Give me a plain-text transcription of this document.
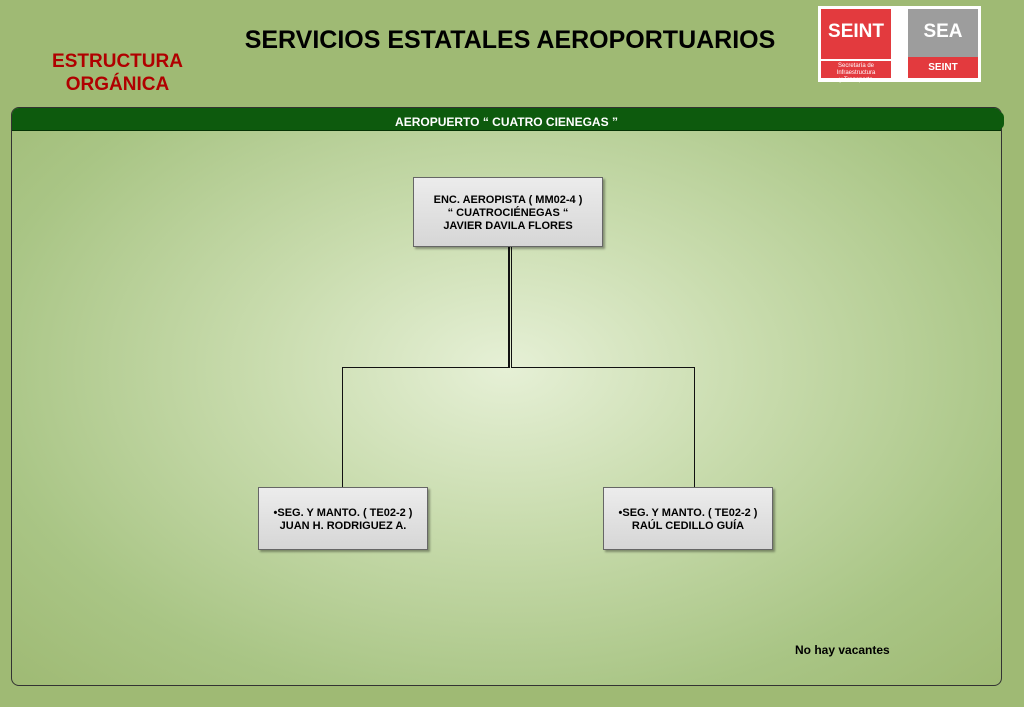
SERVICIOS ESTATALES AEROPORTUARIOS
ESTRUCTURA
ORGÁNICA
SEINT
Secretaría de Infraestructura
y Transporte
SEA
SEINT
AEROPUERTO “ CUATRO CIENEGAS ”
ENC. AEROPISTA ( MM02-4 )
“ CUATROCIÉNEGAS “
JAVIER DAVILA FLORES
•SEG. Y MANTO. ( TE02-2 )
JUAN H. RODRIGUEZ A.
•SEG. Y MANTO. ( TE02-2 )
RAÚL CEDILLO GUÍA
No hay vacantes
